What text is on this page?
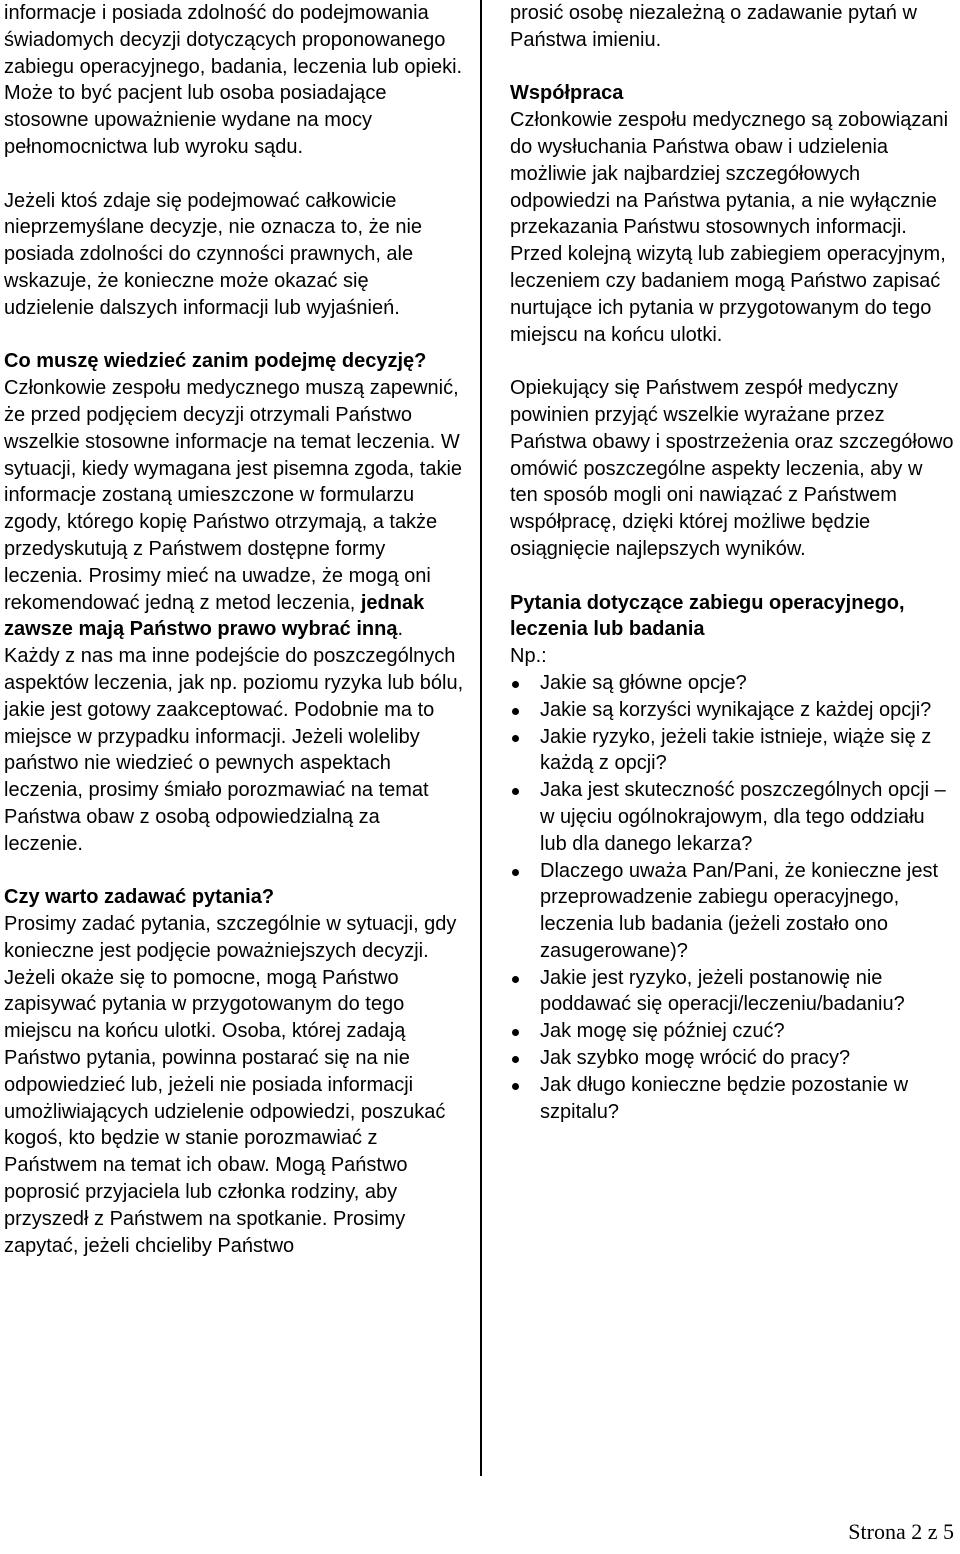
informacje i posiada zdolność do podejmowania świadomych decyzji dotyczących proponowanego zabiegu operacyjnego, badania, leczenia lub opieki. Może to być pacjent lub osoba posiadające stosowne upoważnienie wydane na mocy pełnomocnictwa lub wyroku sądu.

Jeżeli ktoś zdaje się podejmować całkowicie nieprzemyślane decyzje, nie oznacza to, że nie posiada zdolności do czynności prawnych, ale wskazuje, że konieczne może okazać się udzielenie dalszych informacji lub wyjaśnień.

Co muszę wiedzieć zanim podejmę decyzję?

Członkowie zespołu medycznego muszą zapewnić, że przed podjęciem decyzji otrzymali Państwo wszelkie stosowne informacje na temat leczenia. W sytuacji, kiedy wymagana jest pisemna zgoda, takie informacje zostaną umieszczone w formularzu zgody, którego kopię Państwo otrzymają, a także przedyskutują z Państwem dostępne formy leczenia. Prosimy mieć na uwadze, że mogą oni rekomendować jedną z metod leczenia, jednak zawsze mają Państwo prawo wybrać inną. Każdy z nas ma inne podejście do poszczególnych aspektów leczenia, jak np. poziomu ryzyka lub bólu, jakie jest gotowy zaakceptować. Podobnie ma to miejsce w przypadku informacji. Jeżeli woleliby państwo nie wiedzieć o pewnych aspektach leczenia, prosimy śmiało porozmawiać na temat Państwa obaw z osobą odpowiedzialną za leczenie.

Czy warto zadawać pytania?

Prosimy zadać pytania, szczególnie w sytuacji, gdy konieczne jest podjęcie poważniejszych decyzji. Jeżeli okaże się to pomocne, mogą Państwo zapisywać pytania w przygotowanym do tego miejscu na końcu ulotki. Osoba, której zadają Państwo pytania, powinna postarać się na nie odpowiedzieć lub, jeżeli nie posiada informacji umożliwiających udzielenie odpowiedzi, poszukać kogoś, kto będzie w stanie porozmawiać z Państwem na temat ich obaw. Mogą Państwo poprosić przyjaciela lub członka rodziny, aby przyszedł z Państwem na spotkanie. Prosimy zapytać, jeżeli chcieliby Państwo

prosić osobę niezależną o zadawanie pytań w Państwa imieniu.

Współpraca

Członkowie zespołu medycznego są zobowiązani do wysłuchania Państwa obaw i udzielenia możliwie jak najbardziej szczegółowych odpowiedzi na Państwa pytania, a nie wyłącznie przekazania Państwu stosownych informacji. Przed kolejną wizytą lub zabiegiem operacyjnym, leczeniem czy badaniem mogą Państwo zapisać nurtujące ich pytania w przygotowanym do tego miejscu na końcu ulotki.

Opiekujący się Państwem zespół medyczny powinien przyjąć wszelkie wyrażane przez Państwa obawy i spostrzeżenia oraz szczegółowo omówić poszczególne aspekty leczenia, aby w ten sposób mogli oni nawiązać z Państwem współpracę, dzięki której możliwe będzie osiągnięcie najlepszych wyników.

Pytania dotyczące zabiegu operacyjnego, leczenia lub badania

Np.:

Jakie są główne opcje?
Jakie są korzyści wynikające z każdej opcji?
Jakie ryzyko, jeżeli takie istnieje, wiąże się z każdą z opcji?
Jaka jest skuteczność poszczególnych opcji – w ujęciu ogólnokrajowym, dla tego oddziału lub dla danego lekarza?
Dlaczego uważa Pan/Pani, że konieczne jest przeprowadzenie zabiegu operacyjnego, leczenia lub badania (jeżeli zostało ono zasugerowane)?
Jakie jest ryzyko, jeżeli postanowię nie poddawać się operacji/leczeniu/badaniu?
Jak mogę się później czuć?
Jak szybko mogę wrócić do pracy?
Jak długo konieczne będzie pozostanie w szpitalu?
Strona 2 z 5
